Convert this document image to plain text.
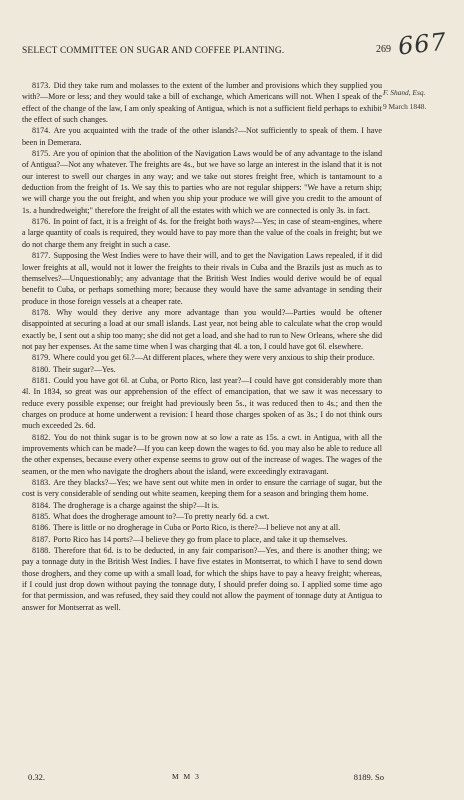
SELECT COMMITTEE ON SUGAR AND COFFEE PLANTING.	269 667
F. Shand, Esq.
9 March 1848.

8173. Did they take rum and molasses to the extent of the lumber and provisions which they supplied you with?—More or less; and they would take a bill of exchange, which Americans will not. When I speak of the effect of the change of the law, I am only speaking of Antigua, which is not a sufficient field perhaps to exhibit the effect of such changes.

8174. Are you acquainted with the trade of the other islands?—Not sufficiently to speak of them. I have been in Demerara.

8175. Are you of opinion that the abolition of the Navigation Laws would be of any advantage to the island of Antigua?—Not any whatever. The freights are 4s., but we have so large an interest in the island that it is not our interest to swell our charges in any way; and we take out stores freight free, which is tantamount to a deduction from the freight of 1s. We say this to parties who are not regular shippers: "We have a return ship; we will charge you the out freight, and when you ship your produce we will give you credit to the amount of 1s. a hundredweight;" therefore the freight of all the estates with which we are connected is only 3s. in fact.

8176. In point of fact, it is a freight of 4s. for the freight both ways?—Yes; in case of steam-engines, where a large quantity of coals is required, they would have to pay more than the value of the coals in freight; but we do not charge them any freight in such a case.

8177. Supposing the West Indies were to have their will, and to get the Navigation Laws repealed, if it did lower freights at all, would not it lower the freights to their rivals in Cuba and the Brazils just as much as to themselves?—Unquestionably; any advantage that the British West Indies would derive would be of equal benefit to Cuba, or perhaps something more; because they would have the same advantage in sending their produce in those foreign vessels at a cheaper rate.

8178. Why would they derive any more advantage than you would?—Parties would be oftener disappointed at securing a load at our small islands. Last year, not being able to calculate what the crop would exactly be, I sent out a ship too many; she did not get a load, and she had to run to New Orleans, where she did not pay her expenses. At the same time when I was charging that 4l. a ton, I could have got 6l. elsewhere.

8179. Where could you get 6l.?—At different places, where they were very anxious to ship their produce.

8180. Their sugar?—Yes.

8181. Could you have got 6l. at Cuba, or Porto Rico, last year?—I could have got considerably more than 4l. In 1834, so great was our apprehension of the effect of emancipation, that we saw it was necessary to reduce every possible expense; our freight had previously been 5s., it was reduced then to 4s.; and then the charges on produce at home underwent a revision: I heard those charges spoken of as 3s.; I do not think ours much exceeded 2s. 6d.

8182. You do not think sugar is to be grown now at so low a rate as 15s. a cwt. in Antigua, with all the improvements which can be made?—If you can keep down the wages to 6d. you may also be able to reduce all the other expenses, because every other expense seems to grow out of the increase of wages. The wages of the seamen, or the men who navigate the droghers about the island, were exceedingly extravagant.

8183. Are they blacks?—Yes; we have sent out white men in order to ensure the carriage of sugar, but the cost is very considerable of sending out white seamen, keeping them for a season and bringing them home.

8184. The drogherage is a charge against the ship?—It is.

8185. What does the drogherage amount to?—To pretty nearly 6d. a cwt.

8186. There is little or no drogherage in Cuba or Porto Rico, is there?—I believe not any at all.

8187. Porto Rico has 14 ports?—I believe they go from place to place, and take it up themselves.

8188. Therefore that 6d. is to be deducted, in any fair comparison?—Yes, and there is another thing; we pay a tonnage duty in the British West Indies. I have five estates in Montserrat, to which I have to send down those droghers, and they come up with a small load, for which the ships have to pay a heavy freight; whereas, if I could just drop down without paying the tonnage duty, I should prefer doing so. I applied some time ago for that permission, and was refused, they said they could not allow the payment of tonnage duty at Antigua to answer for Montserrat as well.

0.32.	M M 3	8189. So
